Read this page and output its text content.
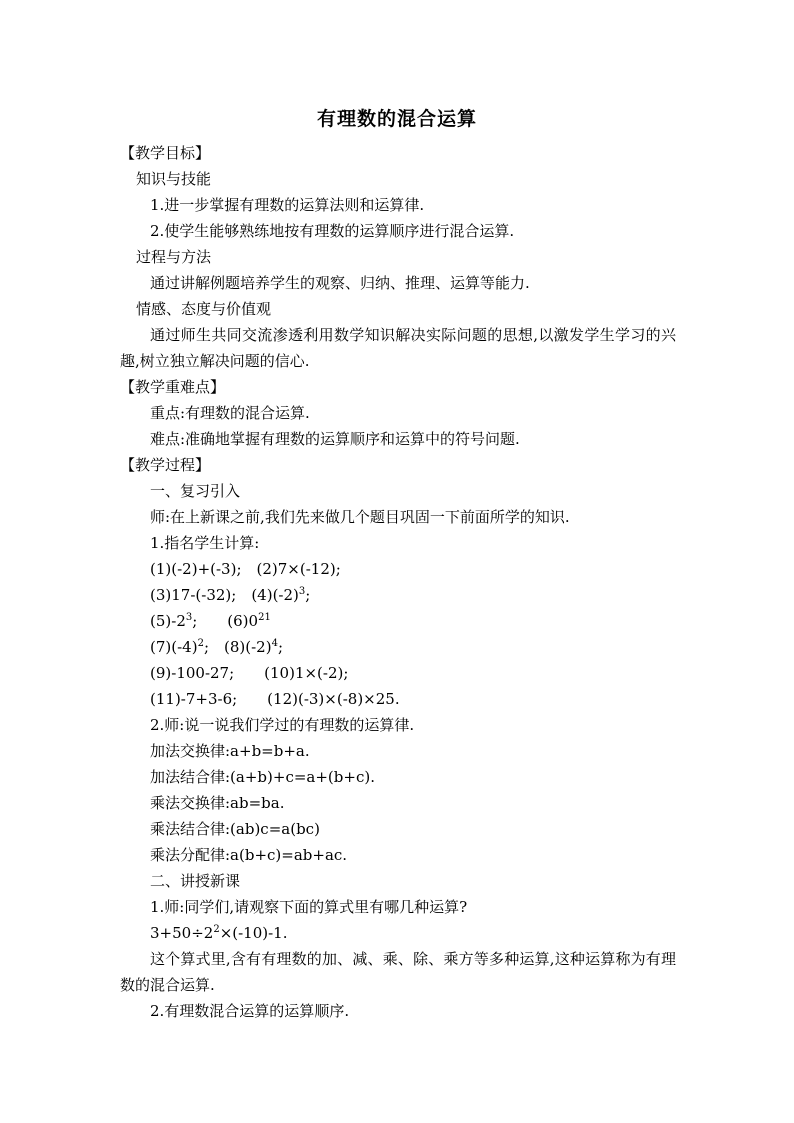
有理数的混合运算
【教学目标】
知识与技能
1.进一步掌握有理数的运算法则和运算律.
2.使学生能够熟练地按有理数的运算顺序进行混合运算.
过程与方法
通过讲解例题培养学生的观察、归纳、推理、运算等能力.
情感、态度与价值观
通过师生共同交流渗透利用数学知识解决实际问题的思想,以激发学生学习的兴趣,树立独立解决问题的信心.
【教学重难点】
重点:有理数的混合运算.
难点:准确地掌握有理数的运算顺序和运算中的符号问题.
【教学过程】
一、复习引入
师:在上新课之前,我们先来做几个题目巩固一下前面所学的知识.
1.指名学生计算:
(1)(-2)+(-3);　(2)7×(-12);
(3)17-(-32);　$(4)(-2)^3$;
$(5)-2^3$;　　$(6)0^{21}$
$(7)(-4)^2$;　$(8)(-2)^4$;
(9)-100-27;　　(10)1×(-2);
(11)-7+3-6;　　(12)(-3)×(-8)×25.
2.师:说一说我们学过的有理数的运算律.
加法交换律:a+b=b+a.
加法结合律:(a+b)+c=a+(b+c).
乘法交换律:ab=ba.
乘法结合律:(ab)c=a(bc)
乘法分配律:a(b+c)=ab+ac.
二、讲授新课
1.师:同学们,请观察下面的算式里有哪几种运算?
$3+50\div 2^2\times(-10)-1$.
这个算式里,含有有理数的加、减、乘、除、乘方等多种运算,这种运算称为有理数的混合运算.
2.有理数混合运算的运算顺序.
